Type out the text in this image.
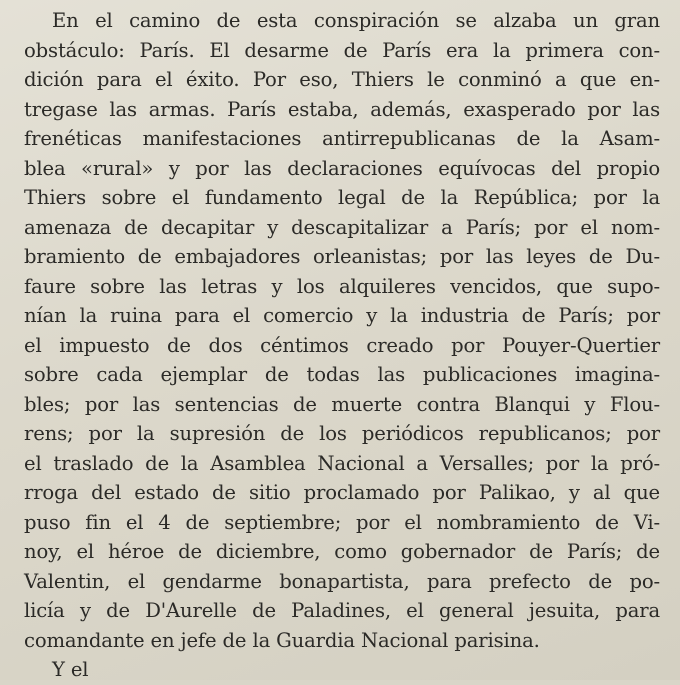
En el camino de esta conspiración se alzaba un gran
obstáculo: París. El desarme de París era la primera con-
dición para el éxito. Por eso, Thiers le conminó a que en-
tregase las armas. París estaba, además, exasperado por las
frenéticas manifestaciones antirrepublicanas de la Asam-
blea «rural» y por las declaraciones equívocas del propio
Thiers sobre el fundamento legal de la República; por la
amenaza de decapitar y descapitalizar a París; por el nom-
bramiento de embajadores orleanistas; por las leyes de Du-
faure sobre las letras y los alquileres vencidos, que supo-
nían la ruina para el comercio y la industria de París; por
el impuesto de dos céntimos creado por Pouyer-Quertier
sobre cada ejemplar de todas las publicaciones imagina-
bles; por las sentencias de muerte contra Blanqui y Flou-
rens; por la supresión de los periódicos republicanos; por
el traslado de la Asamblea Nacional a Versalles; por la pró-
rroga del estado de sitio proclamado por Palikao, y al que
puso fin el 4 de septiembre; por el nombramiento de Vi-
noy, el héroe de diciembre, como gobernador de París; de
Valentin, el gendarme bonapartista, para prefecto de po-
licía y de D'Aurelle de Paladines, el general jesuita, para
comandante en jefe de la Guardia Nacional parisina.
Y el
